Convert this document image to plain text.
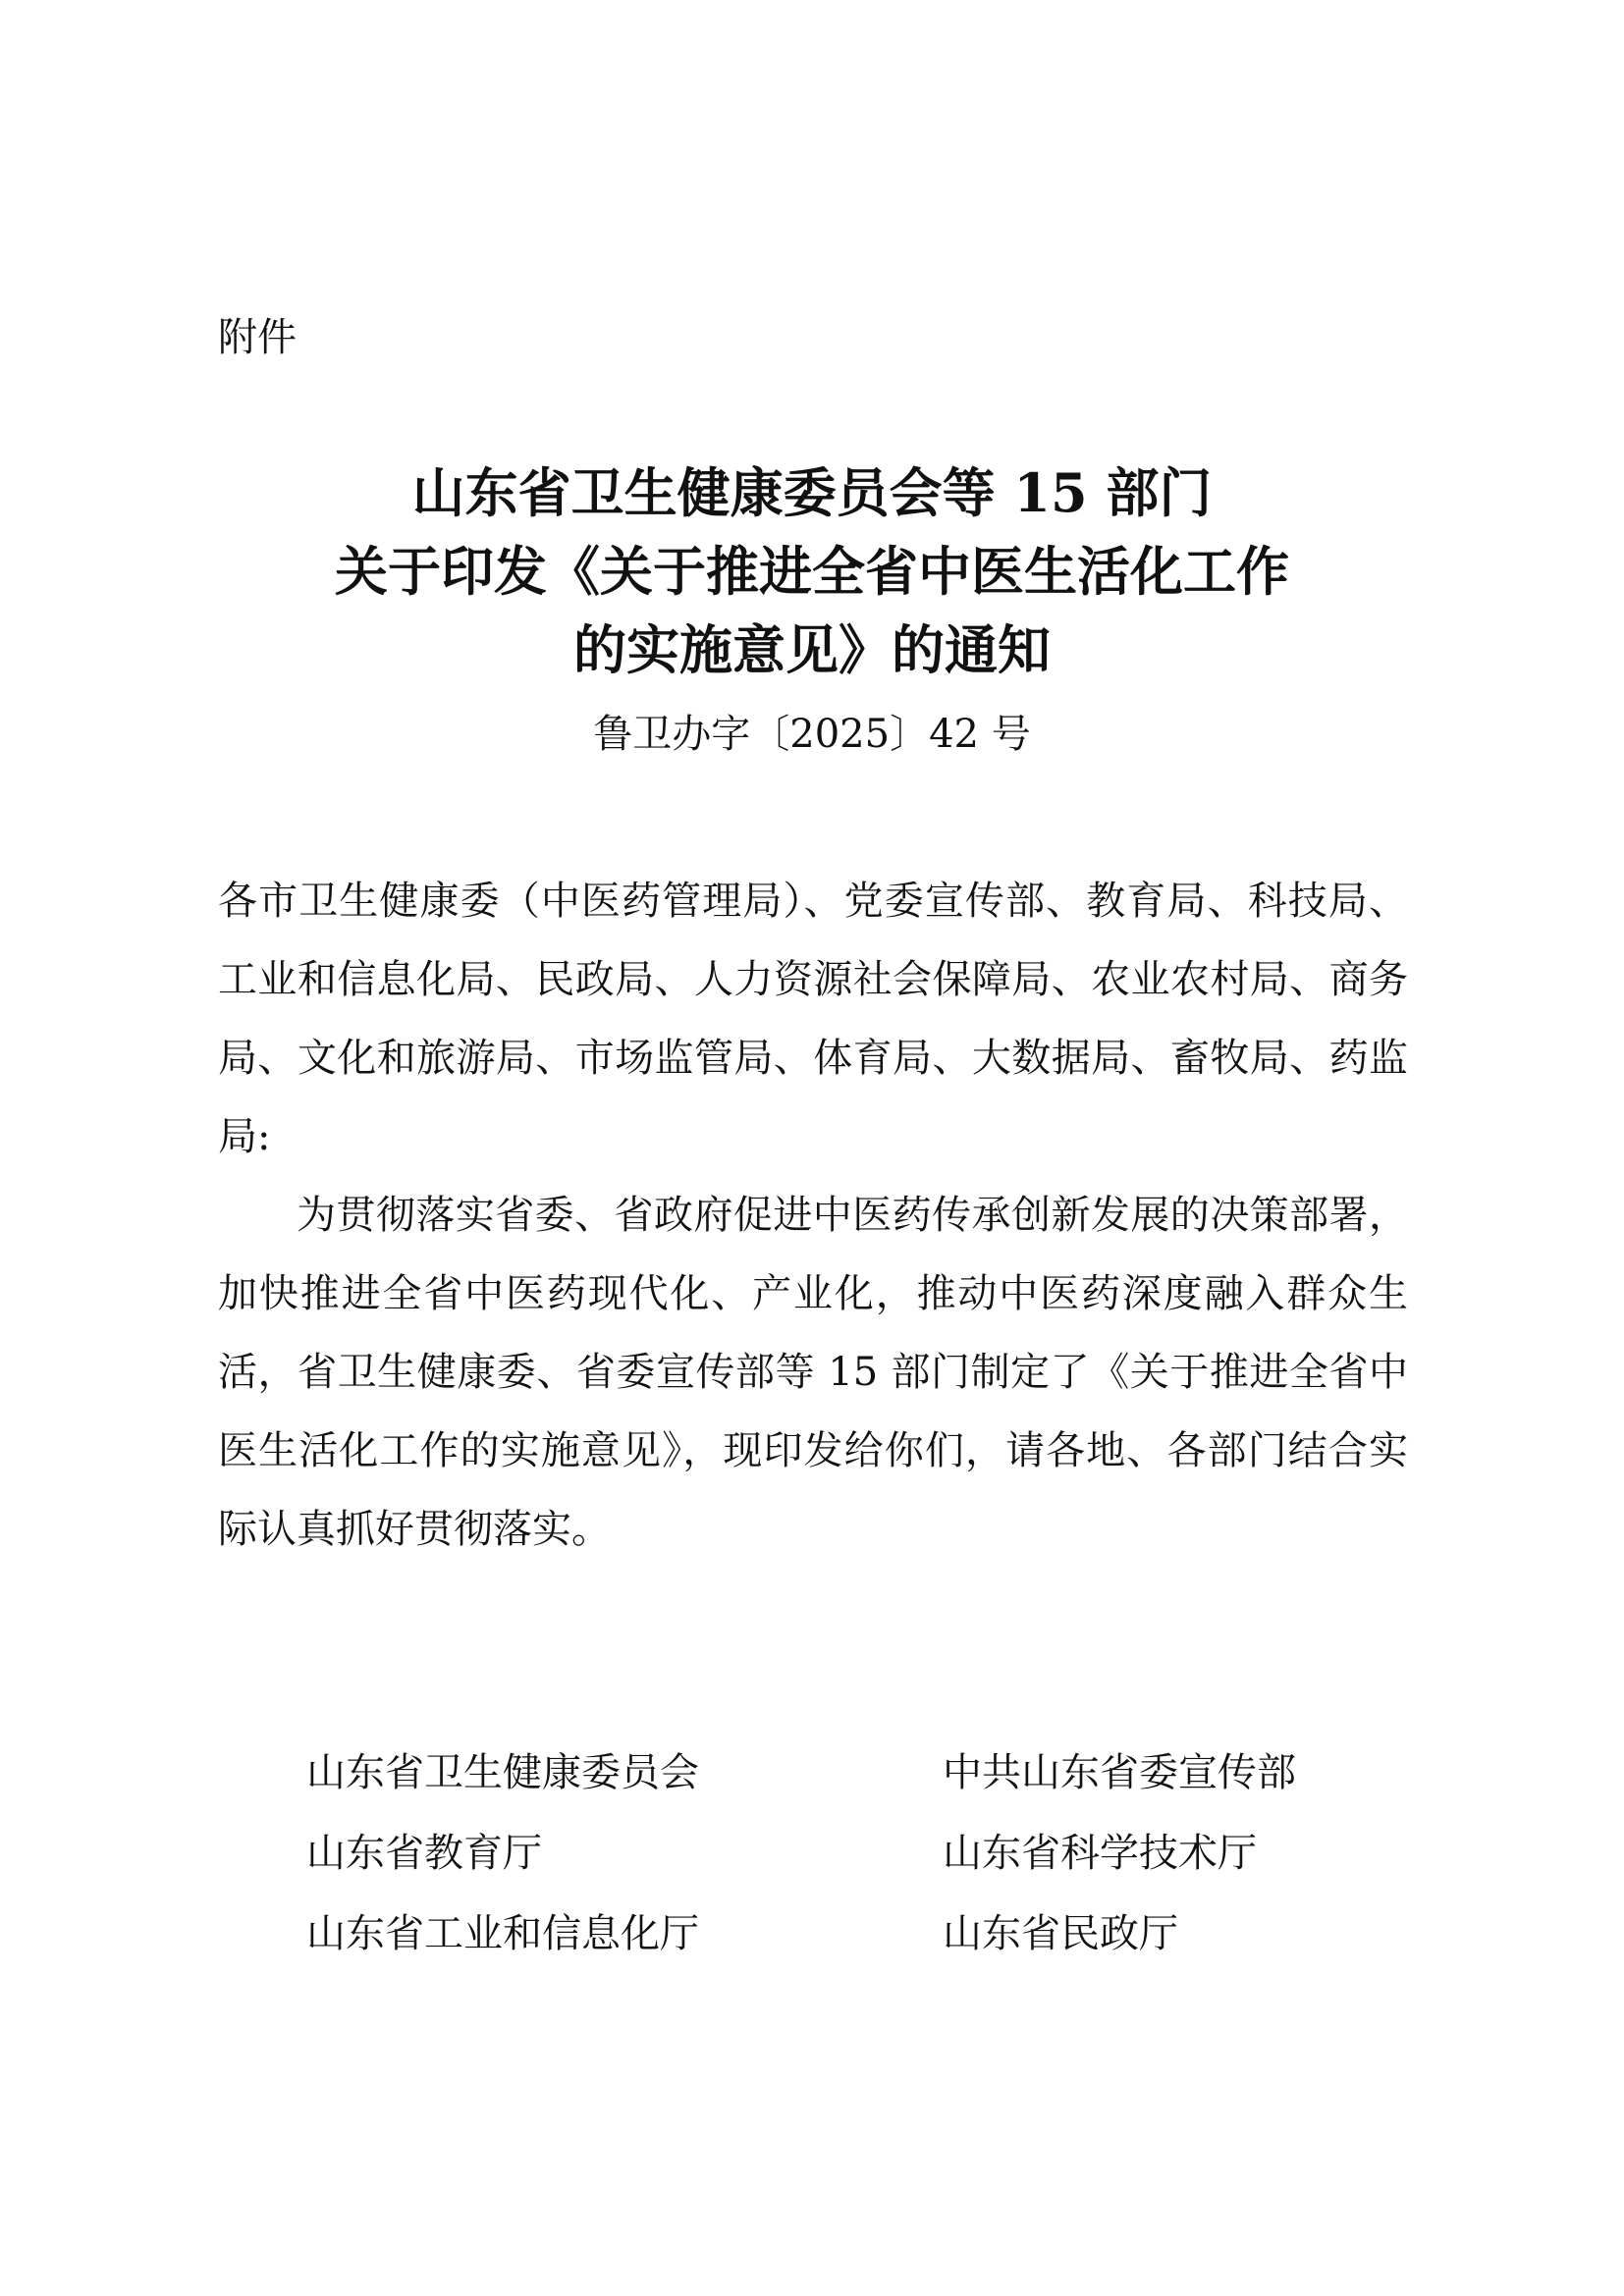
附件
山东省卫生健康委员会等 15 部门
关于印发《关于推进全省中医生活化工作
的实施意见》的通知
鲁卫办字〔2025〕42 号
各市卫生健康委（中医药管理局）、党委宣传部、教育局、科技局、工业和信息化局、民政局、人力资源社会保障局、农业农村局、商务局、文化和旅游局、市场监管局、体育局、大数据局、畜牧局、药监局:
为贯彻落实省委、省政府促进中医药传承创新发展的决策部署，加快推进全省中医药现代化、产业化，推动中医药深度融入群众生活，省卫生健康委、省委宣传部等 15 部门制定了《关于推进全省中医生活化工作的实施意见》，现印发给你们，请各地、各部门结合实际认真抓好贯彻落实。
山东省卫生健康委员会	中共山东省委宣传部
山东省教育厅	山东省科学技术厅
山东省工业和信息化厅	山东省民政厅
